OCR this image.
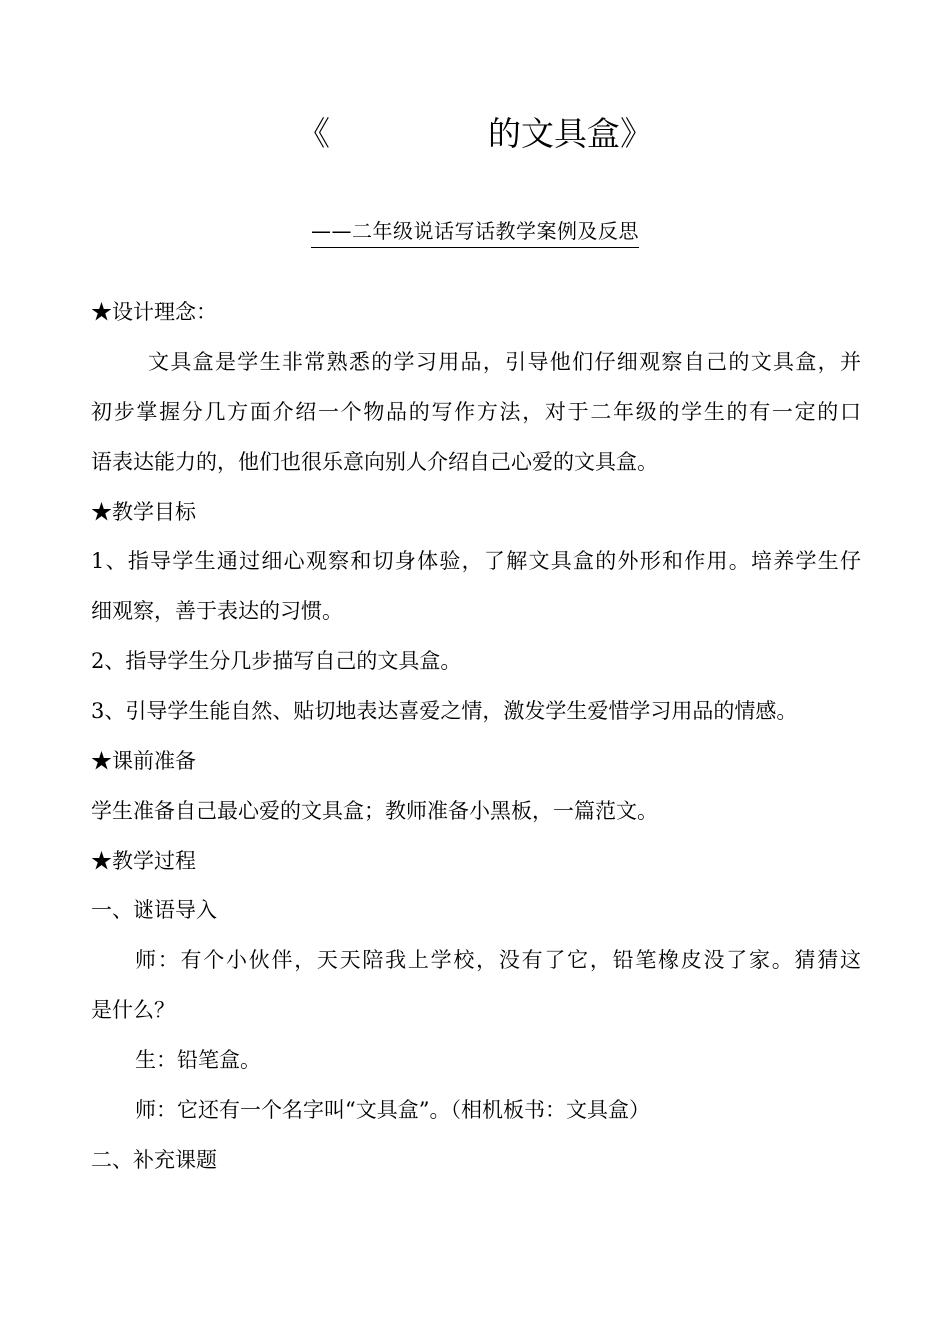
《	的文具盒》
——二年级说话写话教学案例及反思
★设计理念：
文具盒是学生非常熟悉的学习用品，引导他们仔细观察自己的文具盒，并
初步掌握分几方面介绍一个物品的写作方法，对于二年级的学生的有一定的口
语表达能力的，他们也很乐意向别人介绍自己心爱的文具盒。
★教学目标
1、指导学生通过细心观察和切身体验，了解文具盒的外形和作用。培养学生仔
细观察，善于表达的习惯。
2、指导学生分几步描写自己的文具盒。
3、引导学生能自然、贴切地表达喜爱之情，激发学生爱惜学习用品的情感。
★课前准备
学生准备自己最心爱的文具盒；教师准备小黑板，一篇范文。
★教学过程
一、谜语导入
师：有个小伙伴，天天陪我上学校，没有了它，铅笔橡皮没了家。猜猜这
是什么？
生：铅笔盒。
师：它还有一个名字叫“文具盒”。（相机板书：文具盒）
二、补充课题
